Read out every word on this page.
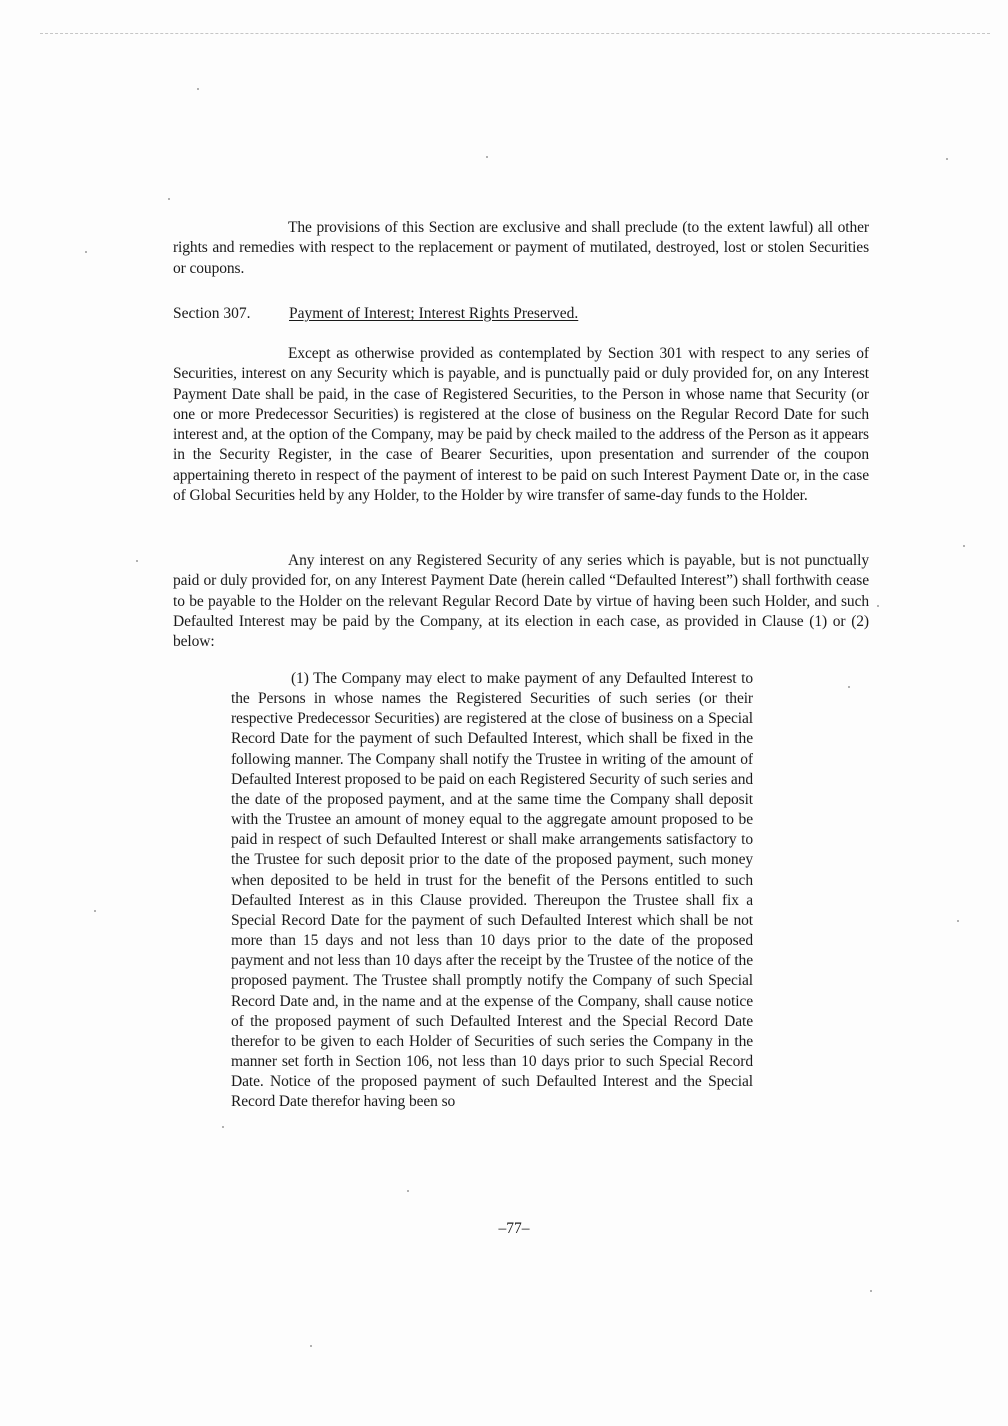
The provisions of this Section are exclusive and shall preclude (to the extent lawful) all other rights and remedies with respect to the replacement or payment of mutilated, destroyed, lost or stolen Securities or coupons.

Section 307. Payment of Interest; Interest Rights Preserved.

Except as otherwise provided as contemplated by Section 301 with respect to any series of Securities, interest on any Security which is payable, and is punctually paid or duly provided for, on any Interest Payment Date shall be paid, in the case of Registered Securities, to the Person in whose name that Security (or one or more Predecessor Securities) is registered at the close of business on the Regular Record Date for such interest and, at the option of the Company, may be paid by check mailed to the address of the Person as it appears in the Security Register, in the case of Bearer Securities, upon presentation and surrender of the coupon appertaining thereto in respect of the payment of interest to be paid on such Interest Payment Date or, in the case of Global Securities held by any Holder, to the Holder by wire transfer of same-day funds to the Holder.

Any interest on any Registered Security of any series which is payable, but is not punctually paid or duly provided for, on any Interest Payment Date (herein called “Defaulted Interest”) shall forthwith cease to be payable to the Holder on the relevant Regular Record Date by virtue of having been such Holder, and such Defaulted Interest may be paid by the Company, at its election in each case, as provided in Clause (1) or (2) below:

(1) The Company may elect to make payment of any Defaulted Interest to the Persons in whose names the Registered Securities of such series (or their respective Predecessor Securities) are registered at the close of business on a Special Record Date for the payment of such Defaulted Interest, which shall be fixed in the following manner. The Company shall notify the Trustee in writing of the amount of Defaulted Interest proposed to be paid on each Registered Security of such series and the date of the proposed payment, and at the same time the Company shall deposit with the Trustee an amount of money equal to the aggregate amount proposed to be paid in respect of such Defaulted Interest or shall make arrangements satisfactory to the Trustee for such deposit prior to the date of the proposed payment, such money when deposited to be held in trust for the benefit of the Persons entitled to such Defaulted Interest as in this Clause provided. Thereupon the Trustee shall fix a Special Record Date for the payment of such Defaulted Interest which shall be not more than 15 days and not less than 10 days prior to the date of the proposed payment and not less than 10 days after the receipt by the Trustee of the notice of the proposed payment. The Trustee shall promptly notify the Company of such Special Record Date and, in the name and at the expense of the Company, shall cause notice of the proposed payment of such Defaulted Interest and the Special Record Date therefor to be given to each Holder of Securities of such series the Company in the manner set forth in Section 106, not less than 10 days prior to such Special Record Date. Notice of the proposed payment of such Defaulted Interest and the Special Record Date therefor having been so

–77–
